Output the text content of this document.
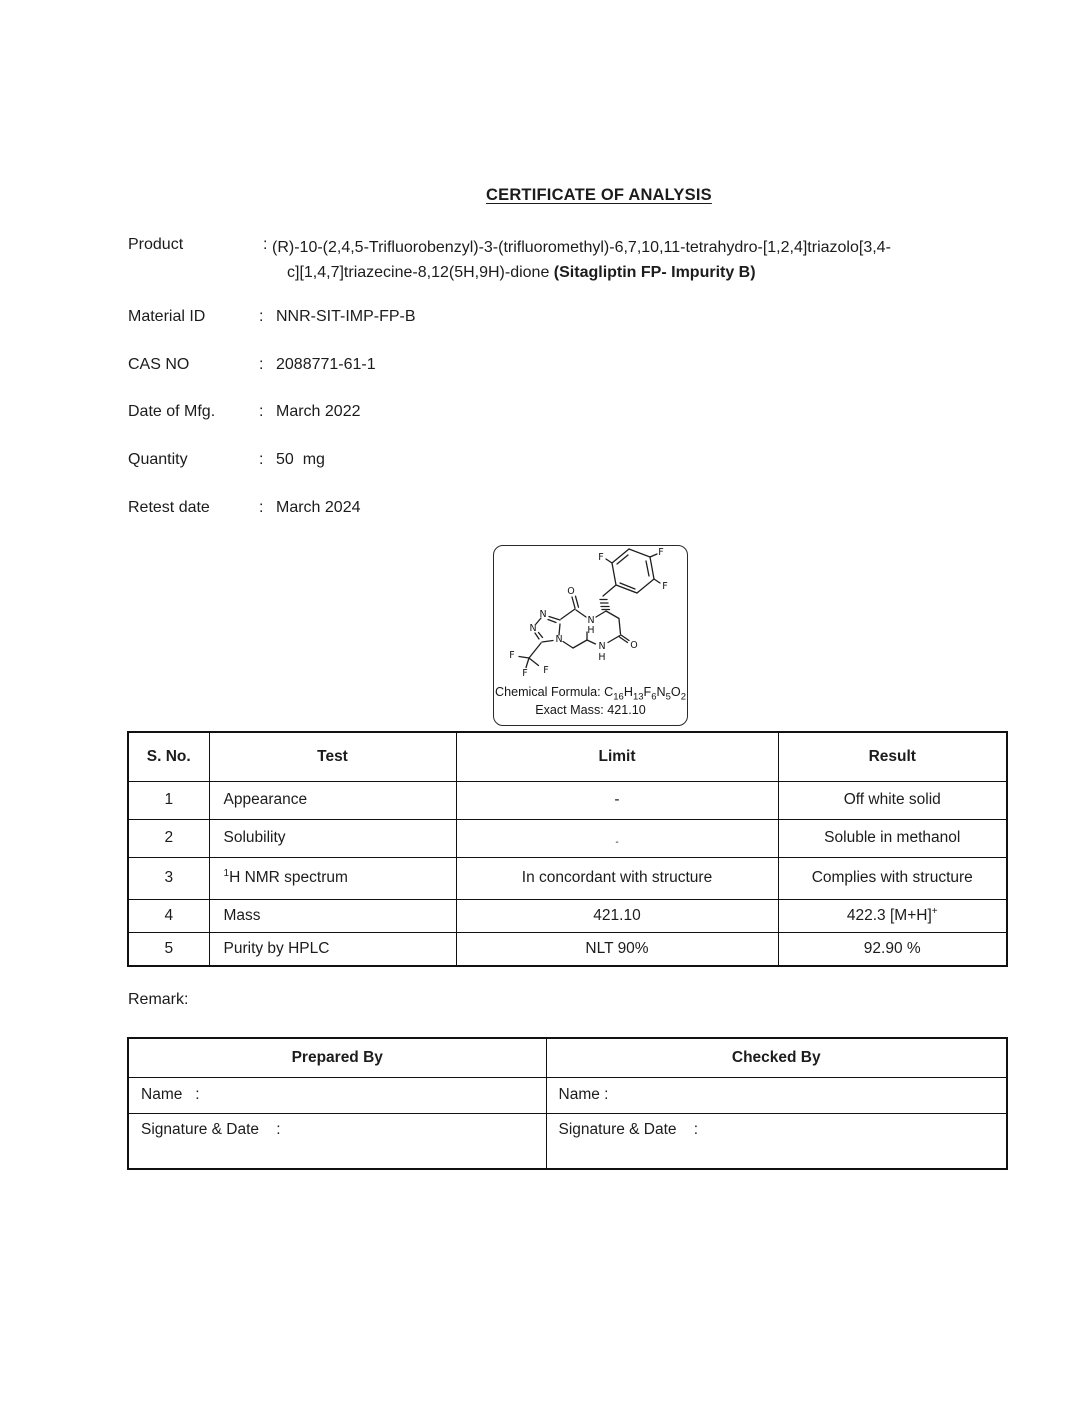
CERTIFICATE OF ANALYSIS
Product	: (R)-10-(2,4,5-Trifluorobenzyl)-3-(trifluoromethyl)-6,7,10,11-tetrahydro-[1,2,4]triazolo[3,4-
c][1,4,7]triazecine-8,12(5H,9H)-dione (Sitagliptin FP- Impurity B)
Material ID	: NNR-SIT-IMP-FP-B
CAS NO	: 2088771-61-1
Date of Mfg.	: March 2022
Quantity	: 50  mg
Retest date	: March 2024
F
F
F
O
N
H
N
N
N
N
H
O
F
F F
Chemical Formula: $C_{16}H_{13}F_6N_5O_2$
Exact Mass: 421.10
S. No.	Test	Limit	Result
1	Appearance	-	Off white solid
2	Solubility	-	Soluble in methanol
3	$^1$H NMR spectrum	In concordant with structure	Complies with structure
4	Mass	421.10	422.3 [M+H]+
5	Purity by HPLC	NLT 90%	92.90 %
Remark:
Prepared By	Checked By
Name   :	Name :
Signature & Date    :	Signature & Date    :
